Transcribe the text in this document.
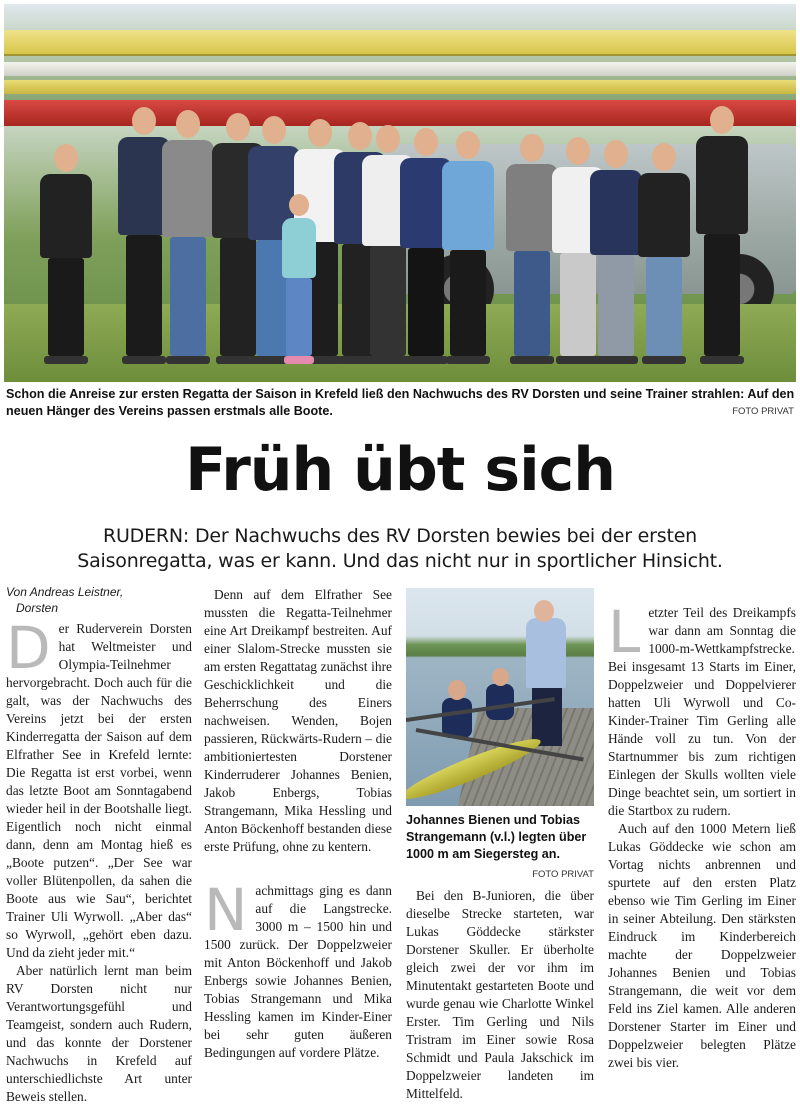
Schon die Anreise zur ersten Regatta der Saison in Krefeld ließ den Nachwuchs des RV Dorsten und seine Trainer strahlen: Auf den neuen Hänger des Vereins passen erstmals alle Boote.	FOTO PRIVAT
Früh übt sich
RUDERN: Der Nachwuchs des RV Dorsten bewies bei der ersten Saisonregatta, was er kann. Und das nicht nur in sportlicher Hinsicht.
Von Andreas Leistner,
Dorsten

Der Ruderverein Dorsten hat Weltmeister und Olympia-Teilnehmer hervorgebracht. Doch auch für die galt, was der Nachwuchs des Vereins jetzt bei der ersten Kinderregatta der Saison auf dem Elfrather See in Krefeld lernte: Die Regatta ist erst vorbei, wenn das letzte Boot am Sonntagabend wieder heil in der Bootshalle liegt. Eigentlich noch nicht einmal dann, denn am Montag hieß es „Boote putzen“. „Der See war voller Blütenpollen, da sahen die Boote aus wie Sau“, berichtet Trainer Uli Wyrwoll. „Aber das“ so Wyrwoll, „gehört eben dazu. Und da zieht jeder mit.“

Aber natürlich lernt man beim RV Dorsten nicht nur Verantwortungsgefühl und Teamgeist, sondern auch Rudern, und das konnte der Dorstener Nachwuchs in Krefeld auf unterschiedlichste Art unter Beweis stellen.

Denn auf dem Elfrather See mussten die Regatta-Teilnehmer eine Art Dreikampf bestreiten. Auf einer Slalom-Strecke mussten sie am ersten Regattatag zunächst ihre Geschicklichkeit und die Beherrschung des Einers nachweisen. Wenden, Bojen passieren, Rückwärts-Rudern – die ambitioniertesten Dorstener Kinderruderer Johannes Benien, Jakob Enbergs, Tobias Strangemann, Mika Hessling und Anton Böckenhoff bestanden diese erste Prüfung, ohne zu kentern.

Nachmittags ging es dann auf die Langstrecke. 3000 m – 1500 hin und 1500 zurück. Der Doppelzweier mit Anton Böckenhoff und Jakob Enbergs sowie Johannes Benien, Tobias Strangemann und Mika Hessling kamen im Kinder-Einer bei sehr guten äußeren Bedingungen auf vordere Plätze.

Johannes Bienen und Tobias Strangemann (v.l.) legten über 1000 m am Siegersteg an.
FOTO PRIVAT

Bei den B-Junioren, die über dieselbe Strecke starteten, war Lukas Göddecke stärkster Dorstener Skuller. Er überholte gleich zwei der vor ihm im Minutentakt gestarteten Boote und wurde genau wie Charlotte Winkel Erster. Tim Gerling und Nils Tristram im Einer sowie Rosa Schmidt und Paula Jakschick im Doppelzweier landeten im Mittelfeld.

Letzter Teil des Dreikampfs war dann am Sonntag die 1000-m-Wettkampfstrecke. Bei insgesamt 13 Starts im Einer, Doppelzweier und Doppelvierer hatten Uli Wyrwoll und Co-Kinder-Trainer Tim Gerling alle Hände voll zu tun. Von der Startnummer bis zum richtigen Einlegen der Skulls wollten viele Dinge beachtet sein, um sortiert in die Startbox zu rudern.

Auch auf den 1000 Metern ließ Lukas Göddecke wie schon am Vortag nichts anbrennen und spurtete auf den ersten Platz ebenso wie Tim Gerling im Einer in seiner Abteilung. Den stärksten Eindruck im Kinderbereich machte der Doppelzweier Johannes Benien und Tobias Strangemann, die weit vor dem Feld ins Ziel kamen. Alle anderen Dorstener Starter im Einer und Doppelzweier belegten Plätze zwei bis vier.
